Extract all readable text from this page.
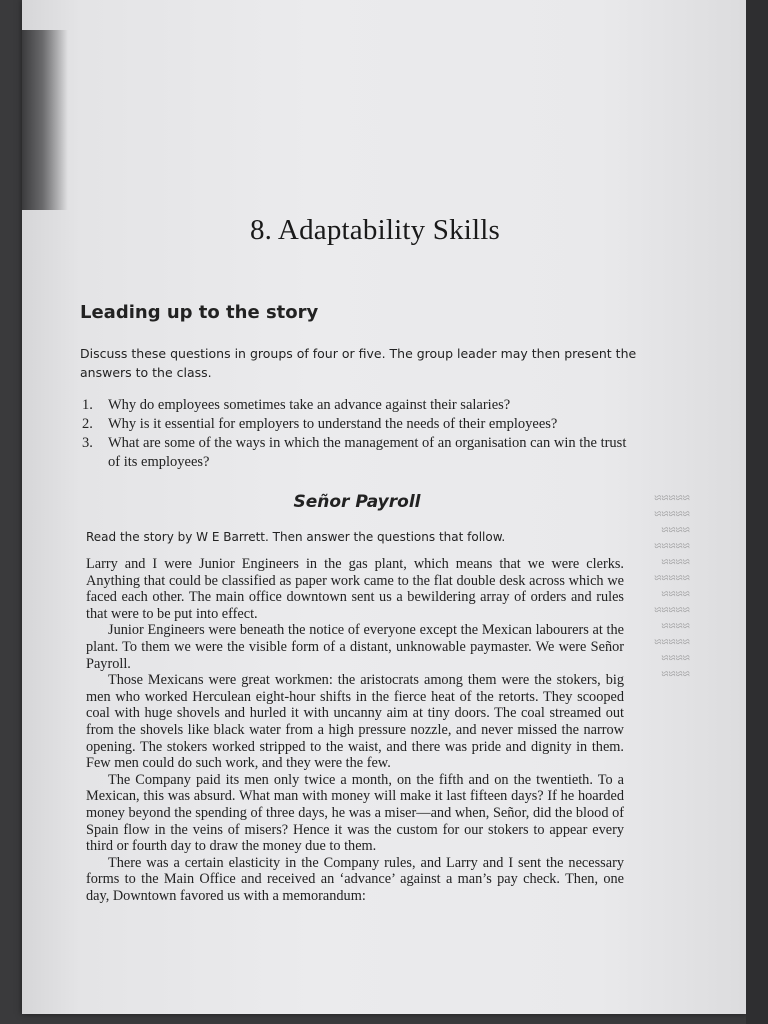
8. Adaptability Skills
Leading up to the story
Discuss these questions in groups of four or five. The group leader may then present the answers to the class.
1. Why do employees sometimes take an advance against their salaries?
2. Why is it essential for employers to understand the needs of their employees?
3. What are some of the ways in which the management of an organisation can win the trust of its employees?
Señor Payroll
Read the story by W E Barrett. Then answer the questions that follow.
≈≈≈≈≈
≈≈≈≈≈
≈≈≈≈
≈≈≈≈≈
≈≈≈≈
≈≈≈≈≈
≈≈≈≈
≈≈≈≈≈
≈≈≈≈
≈≈≈≈≈
≈≈≈≈
≈≈≈≈

Larry and I were Junior Engineers in the gas plant, which means that we were clerks. Anything that could be classified as paper work came to the flat double desk across which we faced each other. The main office downtown sent us a bewildering array of orders and rules that were to be put into effect.

Junior Engineers were beneath the notice of everyone except the Mexican labourers at the plant. To them we were the visible form of a distant, unknowable paymaster. We were Señor Payroll.

Those Mexicans were great workmen: the aristocrats among them were the stokers, big men who worked Herculean eight-hour shifts in the fierce heat of the retorts. They scooped coal with huge shovels and hurled it with uncanny aim at tiny doors. The coal streamed out from the shovels like black water from a high pressure nozzle, and never missed the narrow opening. The stokers worked stripped to the waist, and there was pride and dignity in them. Few men could do such work, and they were the few.

The Company paid its men only twice a month, on the fifth and on the twentieth. To a Mexican, this was absurd. What man with money will make it last fifteen days? If he hoarded money beyond the spending of three days, he was a miser—and when, Señor, did the blood of Spain flow in the veins of misers? Hence it was the custom for our stokers to appear every third or fourth day to draw the money due to them.

There was a certain elasticity in the Company rules, and Larry and I sent the necessary forms to the Main Office and received an ‘advance’ against a man’s pay check. Then, one day, Downtown favored us with a memorandum:
